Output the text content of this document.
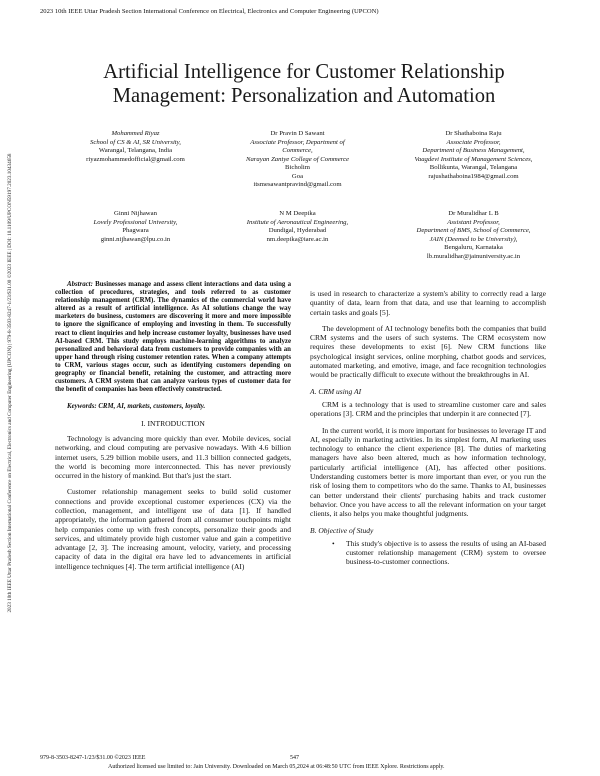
2023 10th IEEE Uttar Pradesh Section International Conference on Electrical, Electronics and Computer Engineering (UPCON)
2023 10th IEEE Uttar Pradesh Section International Conference on Electrical, Electronics and Computer Engineering (UPCON) | 979-8-3503-8247-1/23/$31.00 ©2023 IEEE | DOI: 10.1109/UPCON59197.2023.10434658
Artificial Intelligence for Customer Relationship
Management: Personalization and Automation
Mohammed Riyaz
School of CS & AI, SR University,
Warangal, Telangana, India
riyazmohammedofficial@gmail.com
Dr Pravin D Sawant
Associate Professor, Department of
Commerce,
Narayan Zantye College of Commerce
Bicholim
Goa
itsmesawantpravind@gmail.com
Dr Shathaboina Raju
Associate Professor,
Department of Business Management,
Vaagdevi Institute of Management Sciences,
Bollikunta, Warangal, Telangana
rajushathaboina1984@gmail.com
Ginni Nijhawan
Lovely Professional University,
Phagwara
ginni.nijhawan@lpu.co.in
N M Deepika
Institute of Aeronautical Engineering,
Dundigal, Hyderabad
nm.deepika@iare.ac.in
Dr Muralidhar L B
Assistant Professor,
Department of BMS, School of Commerce,
JAIN (Deemed to be University),
Bengaluru, Karnataka
lb.muralidhar@jainuniversity.ac.in

Abstract: Businesses manage and assess client interactions and data using a collection of procedures, strategies, and tools referred to as customer relationship management (CRM). The dynamics of the commercial world have altered as a result of artificial intelligence. As AI solutions change the way marketers do business, customers are discovering it more and more impossible to ignore the significance of employing and investing in them. To successfully react to client inquiries and help increase customer loyalty, businesses have used AI-based CRM. This study employs machine-learning algorithms to analyze personalized and behavioral data from customers to provide companies with an upper hand through rising customer retention rates. When a company attempts to CRM, various stages occur, such as identifying customers depending on geography or financial benefit, retaining the customer, and attracting more customers. A CRM system that can analyze various types of customer data for the benefit of companies has been effectively constructed.

Keywords: CRM, AI, markets, customers, loyalty.

I. INTRODUCTION

Technology is advancing more quickly than ever. Mobile devices, social networking, and cloud computing are pervasive nowadays. With 4.6 billion internet users, 5.29 billion mobile users, and 11.3 billion connected gadgets, the world is becoming more interconnected. This has never previously occurred in the history of mankind. But that's just the start.

Customer relationship management seeks to build solid customer connections and provide exceptional customer experiences (CX) via the collection, management, and intelligent use of data [1]. If handled appropriately, the information gathered from all consumer touchpoints might help companies come up with fresh concepts, personalize their goods and services, and ultimately provide high customer value and gain a competitive advantage [2, 3]. The increasing amount, velocity, variety, and processing capacity of data in the digital era have led to advancements in artificial intelligence techniques [4]. The term artificial intelligence (AI)

is used in research to characterize a system's ability to correctly read a large quantity of data, learn from that data, and use that learning to accomplish certain tasks and goals [5].

The development of AI technology benefits both the companies that build CRM systems and the users of such systems. The CRM ecosystem now requires these developments to exist [6]. New CRM functions like psychological insight services, online morphing, chatbot goods and services, automated marketing, and emotive, image, and face recognition technologies would be practically difficult to execute without the breakthroughs in AI.

A. CRM using AI

CRM is a technology that is used to streamline customer care and sales operations [3]. CRM and the principles that underpin it are connected [7].

In the current world, it is more important for businesses to leverage IT and AI, especially in marketing activities. In its simplest form, AI marketing uses technology to enhance the client experience [8]. The duties of marketing managers have also been altered, much as how information technology, particularly artificial intelligence (AI), has affected other positions. Understanding customers better is more important than ever, or you run the risk of losing them to competitors who do the same. Thanks to AI, businesses can better understand their clients' purchasing habits and track customer behavior. Once you have access to all the relevant information on your target clients, it also helps you make thoughtful judgments.

B. Objective of Study

• This study's objective is to assess the results of using an AI-based customer relationship management (CRM) system to oversee business-to-customer connections.

979-8-3503-8247-1/23/$31.00 ©2023 IEEE	547
Authorized licensed use limited to: Jain University. Downloaded on March 05,2024 at 06:48:50 UTC from IEEE Xplore. Restrictions apply.
